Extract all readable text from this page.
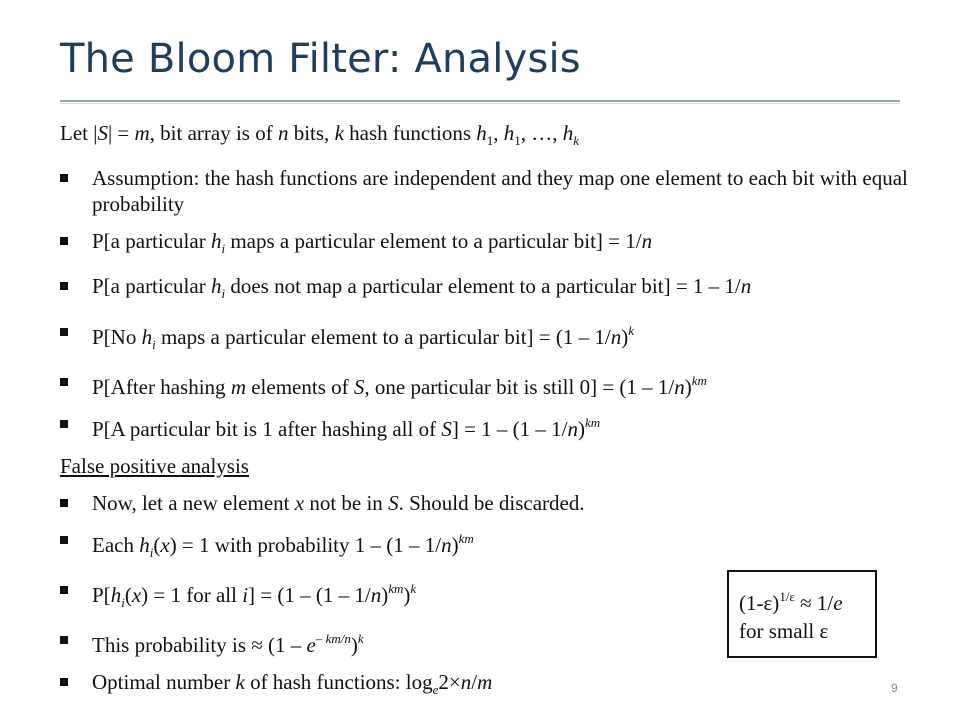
The Bloom Filter: Analysis
Let |S| = m, bit array is of n bits, k hash functions $h_1$, $h_1$, …, $h_k$
Assumption: the hash functions are independent and they map one element to each bit with equal probability
P[a particular $h_i$ maps a particular element to a particular bit] = 1/n
P[a particular $h_i$ does not map a particular element to a particular bit] = 1 – 1/n
P[No $h_i$ maps a particular element to a particular bit] = (1 – 1/n)$^k$
P[After hashing m elements of S, one particular bit is still 0] = (1 – 1/n)$^{km}$
P[A particular bit is 1 after hashing all of S] = 1 – (1 – 1/n)$^{km}$
False positive analysis
Now, let a new element x not be in S. Should be discarded.
Each $h_i(x) = 1$ with probability 1 – (1 – 1/n)$^{km}$
$P[h_i(x) = 1$ for all i] = (1 – (1 – 1/n)$^{km}$)$^k$
This probability is ≈ $(1 - e^{- km/n})^k$
Optimal number k of hash functions: $\log_e2\times n/m$
$(1-\varepsilon)^{1/\varepsilon} \approx 1/e$
for small ε
9
